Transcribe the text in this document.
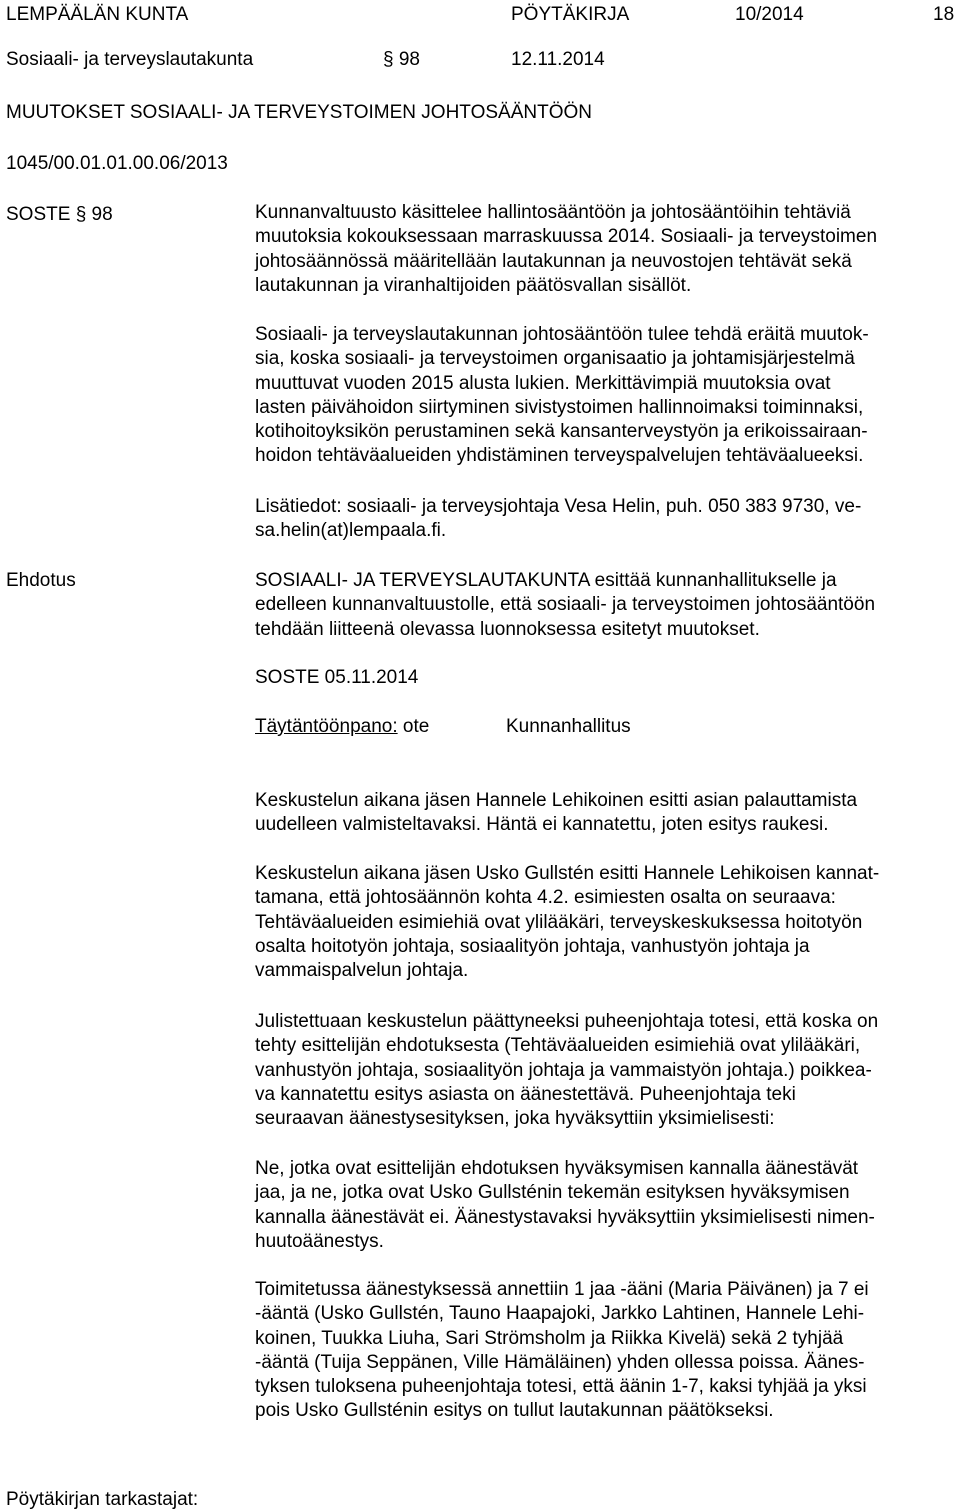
LEMPÄÄLÄN KUNTA	PÖYTÄKIRJA	10/2014	18
Sosiaali- ja terveyslautakunta	§ 98	12.11.2014
MUUTOKSET SOSIAALI- JA TERVEYSTOIMEN JOHTOSÄÄNTÖÖN
1045/00.01.01.00.06/2013
SOSTE § 98	Kunnanvaltuusto käsittelee hallintosääntöön ja johtosääntöihin tehtäviä
muutoksia kokouksessaan marraskuussa 2014. Sosiaali- ja terveystoimen
johtosäännössä määritellään lautakunnan ja neuvostojen tehtävät sekä
lautakunnan ja viranhaltijoiden päätösvallan sisällöt.
Sosiaali- ja terveyslautakunnan johtosääntöön tulee tehdä eräitä muutok-
sia, koska sosiaali- ja terveystoimen organisaatio ja johtamisjärjestelmä
muuttuvat vuoden 2015 alusta lukien. Merkittävimpiä muutoksia ovat
lasten päivähoidon siirtyminen sivistystoimen hallinnoimaksi toiminnaksi,
kotihoitoyksikön perustaminen sekä kansanterveystyön ja erikoissairaan-
hoidon tehtäväalueiden yhdistäminen terveyspalvelujen tehtäväalueeksi.
Lisätiedot: sosiaali- ja terveysjohtaja Vesa Helin, puh. 050 383 9730, ve-
sa.helin(at)lempaala.fi.
Ehdotus	SOSIAALI- JA TERVEYSLAUTAKUNTA esittää kunnanhallitukselle ja
edelleen kunnanvaltuustolle, että sosiaali- ja terveystoimen johtosääntöön
tehdään liitteenä olevassa luonnoksessa esitetyt muutokset.
SOSTE 05.11.2014
Täytäntöönpano: ote	Kunnanhallitus
Keskustelun aikana jäsen Hannele Lehikoinen esitti asian palauttamista
uudelleen valmisteltavaksi. Häntä ei kannatettu, joten esitys raukesi.
Keskustelun aikana jäsen Usko Gullstén esitti Hannele Lehikoisen kannat-
tamana, että johtosäännön kohta 4.2. esimiesten osalta on seuraava:
Tehtäväalueiden esimiehiä ovat ylilääkäri, terveyskeskuksessa hoitotyön
osalta hoitotyön johtaja, sosiaalityön johtaja, vanhustyön johtaja ja
vammaispalvelun johtaja.
Julistettuaan keskustelun päättyneeksi puheenjohtaja totesi, että koska on
tehty esittelijän ehdotuksesta (Tehtäväalueiden esimiehiä ovat ylilääkäri,
vanhustyön johtaja, sosiaalityön johtaja ja vammaistyön johtaja.) poikkea-
va kannatettu esitys asiasta on äänestettävä. Puheenjohtaja teki
seuraavan äänestysesityksen, joka hyväksyttiin yksimielisesti:
Ne, jotka ovat esittelijän ehdotuksen hyväksymisen kannalla äänestävät
jaa, ja ne, jotka ovat Usko Gullsténin tekemän esityksen hyväksymisen
kannalla äänestävät ei. Äänestystavaksi hyväksyttiin yksimielisesti nimen-
huutoäänestys.
Toimitetussa äänestyksessä annettiin 1 jaa -ääni (Maria Päivänen) ja 7 ei
-ääntä (Usko Gullstén, Tauno Haapajoki, Jarkko Lahtinen, Hannele Lehi-
koinen, Tuukka Liuha, Sari Strömsholm ja Riikka Kivelä) sekä 2 tyhjää
-ääntä (Tuija Seppänen, Ville Hämäläinen) yhden ollessa poissa. Äänes-
tyksen tuloksena puheenjohtaja totesi, että äänin 1-7, kaksi tyhjää ja yksi
pois Usko Gullsténin esitys on tullut lautakunnan päätökseksi.
Pöytäkirjan tarkastajat:
